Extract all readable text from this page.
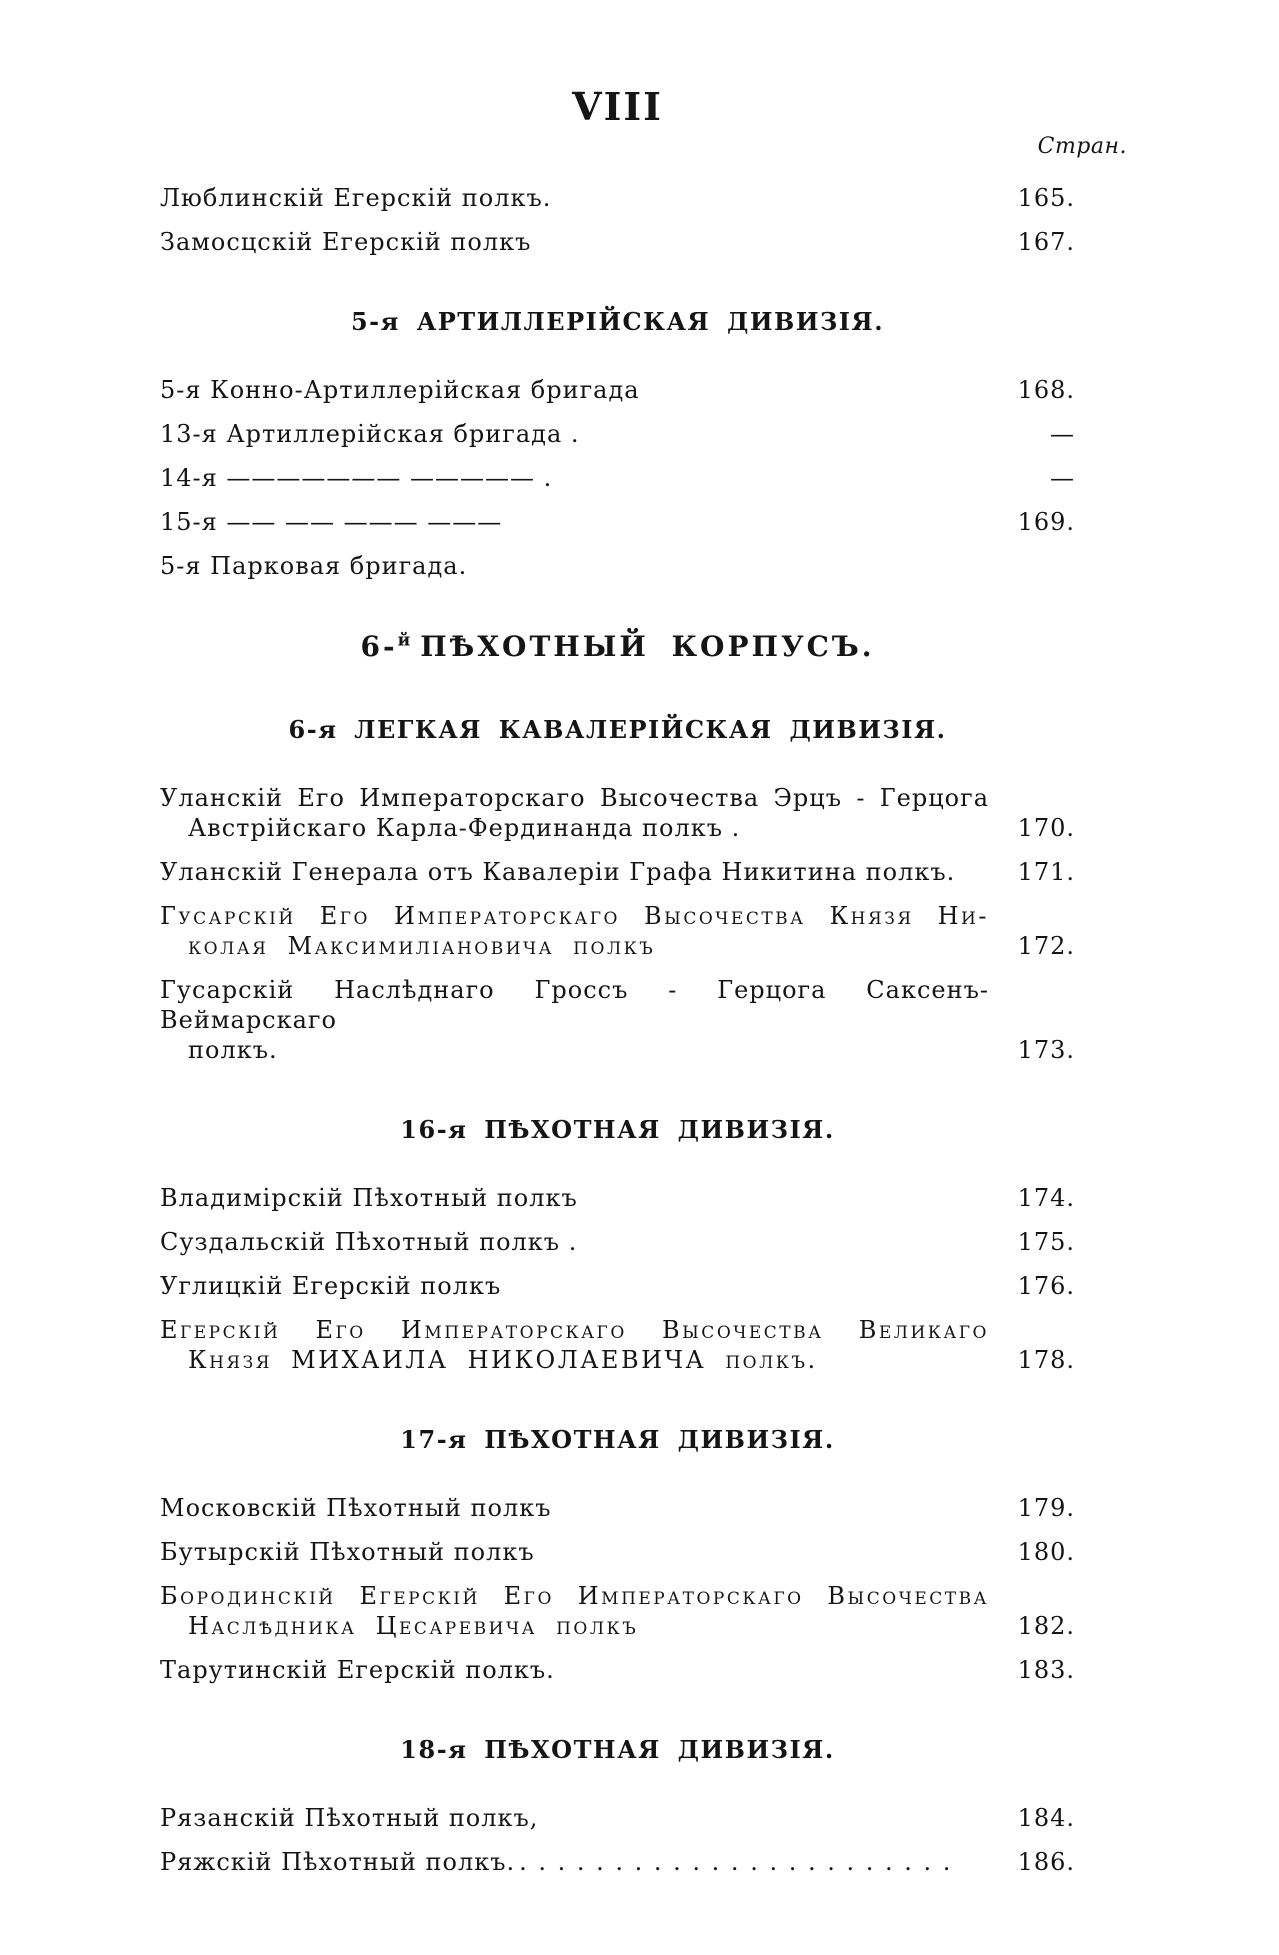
VIII
Стран.
Люблинскій Егерскій полкъ.	165.
Замосцскій Егерскій полкъ	167.
5-я АРТИЛЛЕРІЙСКАЯ ДИВИЗІЯ.
5-я Конно-Артиллерійская бригада	168.
13-я Артиллерійская бригада .	—
14-я ——————— ————— .	—
15-я —— —— ——— ———	169.
5-я Парковая бригада.
6-$^й$ ПѢХОТНЫЙ КОРПУСЪ.
6-я ЛЕГКАЯ КАВАЛЕРІЙСКАЯ ДИВИЗІЯ.
Уланскій Его Императорскаго Высочества Эрцъ - Герцога
Австрійскаго Карла-Фердинанда полкъ .	170.
Уланскій Генерала отъ Кавалеріи Графа Никитина полкъ.	171.
Гусарскій Его Императорскаго Высочества Князя Ни-
колая Максимиліановича полкъ	172.
Гусарскій Наслѣднаго Гроссъ - Герцога Саксенъ-Веймарскаго
полкъ.	173.
16-я ПѢХОТНАЯ ДИВИЗІЯ.
Владимірскій Пѣхотный полкъ	174.
Суздальскій Пѣхотный полкъ .	175.
Углицкій Егерскій полкъ	176.
Егерскій Его Императорскаго Высочества Великаго
Князя МИХАИЛА НИКОЛАЕВИЧА полкъ.	178.
17-я ПѢХОТНАЯ ДИВИЗІЯ.
Московскій Пѣхотный полкъ	179.
Бутырскій Пѣхотный полкъ	180.
Бородинскій Егерскій Его Императорскаго Высочества
Наслѣдника Цесаревича полкъ	182.
Тарутинскій Егерскій полкъ.	183.
18-я ПѢХОТНАЯ ДИВИЗІЯ.
Рязанскій Пѣхотный полкъ,	184.
Ряжскій Пѣхотный полкъ. . . . . . . . . . . . . . . . . . . . . . . .	186.
